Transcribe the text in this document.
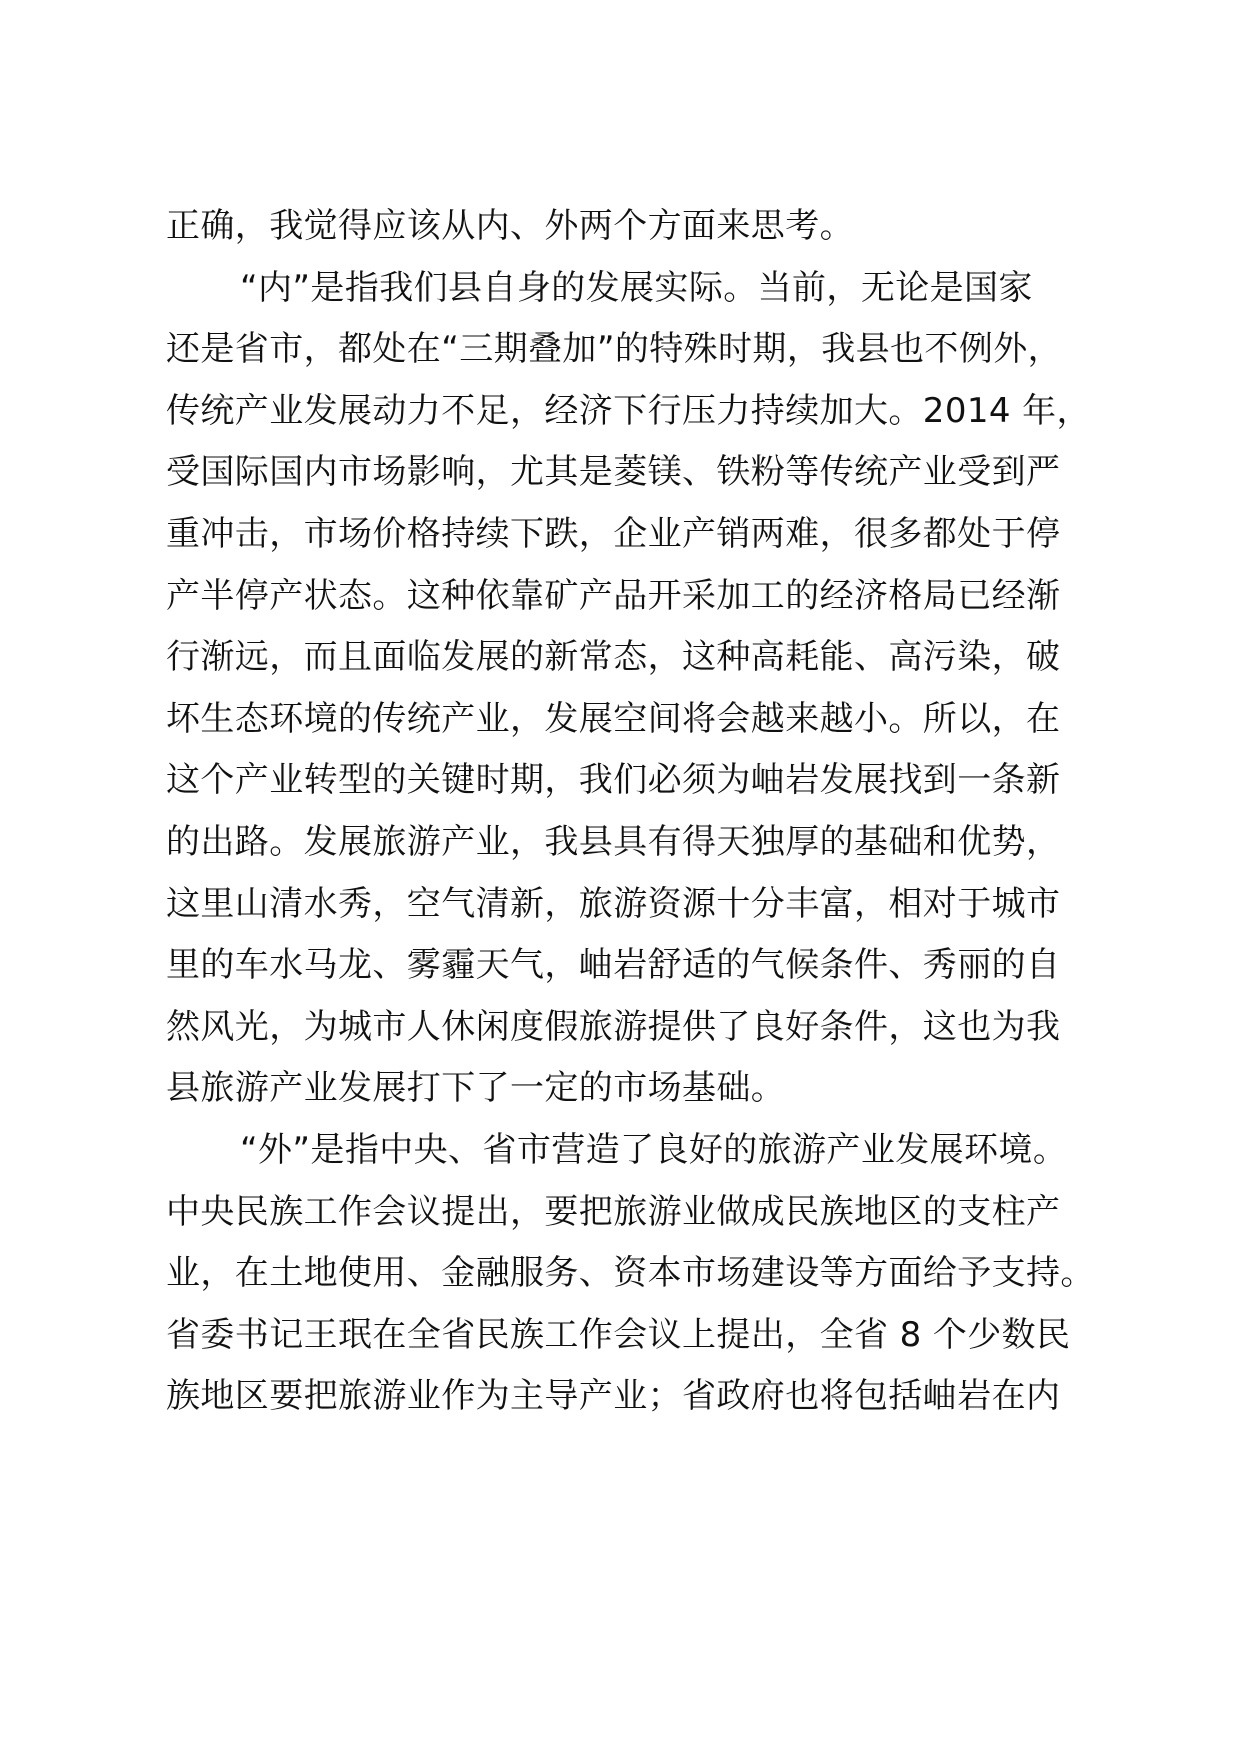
正确，我觉得应该从内、外两个方面来思考。
“内”是指我们县自身的发展实际。当前，无论是国家
还是省市，都处在“三期叠加”的特殊时期，我县也不例外，
传统产业发展动力不足，经济下行压力持续加大。2014 年，
受国际国内市场影响，尤其是菱镁、铁粉等传统产业受到严
重冲击，市场价格持续下跌，企业产销两难，很多都处于停
产半停产状态。这种依靠矿产品开采加工的经济格局已经渐
行渐远，而且面临发展的新常态，这种高耗能、高污染，破
坏生态环境的传统产业，发展空间将会越来越小。所以，在
这个产业转型的关键时期，我们必须为岫岩发展找到一条新
的出路。发展旅游产业，我县具有得天独厚的基础和优势，
这里山清水秀，空气清新，旅游资源十分丰富，相对于城市
里的车水马龙、雾霾天气，岫岩舒适的气候条件、秀丽的自
然风光，为城市人休闲度假旅游提供了良好条件，这也为我
县旅游产业发展打下了一定的市场基础。
“外”是指中央、省市营造了良好的旅游产业发展环境。
中央民族工作会议提出，要把旅游业做成民族地区的支柱产
业，在土地使用、金融服务、资本市场建设等方面给予支持。
省委书记王珉在全省民族工作会议上提出，全省 8 个少数民
族地区要把旅游业作为主导产业；省政府也将包括岫岩在内
